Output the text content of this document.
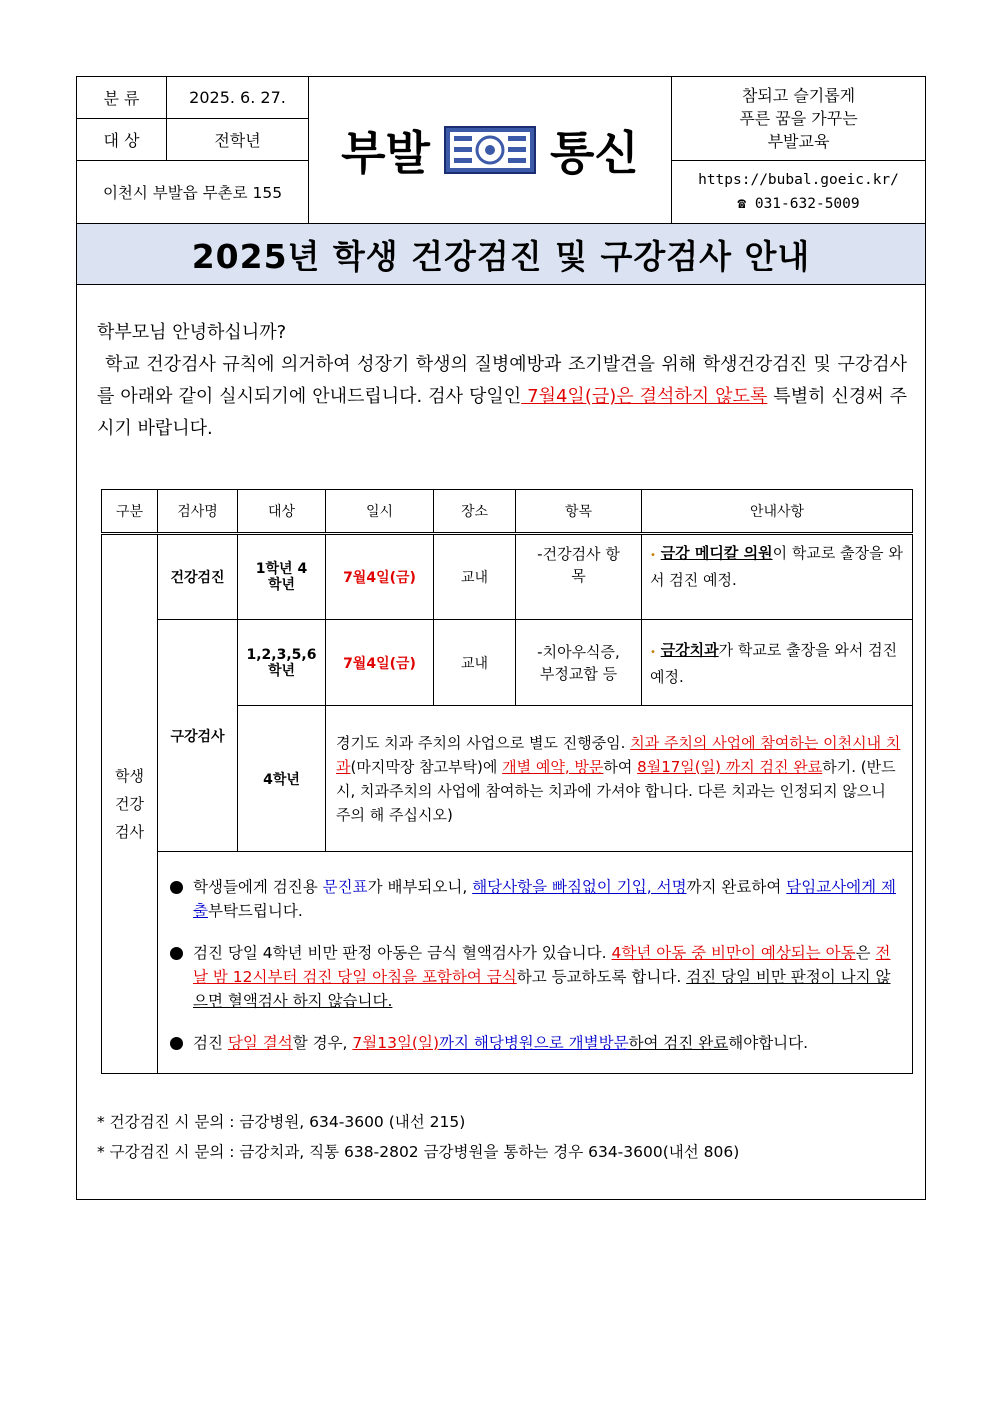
분 류	2025. 6. 27.
대 상	전학년
이천시 부발읍 무촌로 155
부발	통신
참되고 슬기롭게
푸른 꿈을 가꾸는
부발교육
https://bubal.goeic.kr/
☎ 031-632-5009
2025년 학생 건강검진 및 구강검사 안내
학부모님 안녕하십니까?
학교 건강검사 규칙에 의거하여 성장기 학생의 질병예방과 조기발견을 위해 학생건강검진 및 구강검사를 아래와 같이 실시되기에 안내드립니다. 검사 당일인 7월4일(금)은 결석하지 않도록 특별히 신경써 주시기 바랍니다.
구분	검사명	대상	일시	장소	항목	안내사항
학생 건강 검사	건강검진	1학년 4학년	7월4일(금)	교내	-건강검사 항목	• 금강 메디칼 의원이 학교로 출장을 와서 검진 예정.
	구강검사	1,2,3,5,6 학년	7월4일(금)	교내	-치아우식증, 부정교합 등	• 금강치과가 학교로 출장을 와서 검진예정.
		4학년	경기도 치과 주치의 사업으로 별도 진행중임. 치과 주치의 사업에 참여하는 이천시내 치과(마지막장 참고부탁)에 개별 예약, 방문하여 8월17일(일) 까지 검진 완료하기. (반드시, 치과주치의 사업에 참여하는 치과에 가셔야 합니다. 다른 치과는 인정되지 않으니 주의 해 주십시오)			

	학생들에게 검진용 문진표가 배부되오니, 해당사항을 빠짐없이 기입, 서명까지 완료하여 담임교사에게 제출부탁드립니다.
검진 당일 4학년 비만 판정 아동은 금식 혈액검사가 있습니다. 4학년 아동 중 비만이 예상되는 아동은 전날 밤 12시부터 검진 당일 아침을 포함하여 금식하고 등교하도록 합니다. 검진 당일 비만 판정이 나지 않으면 혈액검사 하지 않습니다.
검진 당일 결석할 경우, 7월13일(일)까지 해당병원으로 개별방문하여 검진 완료해야합니다.					
* 건강검진 시 문의 : 금강병원, 634-3600 (내선 215)
* 구강검진 시 문의 : 금강치과, 직통 638-2802 금강병원을 통하는 경우 634-3600(내선 806)
